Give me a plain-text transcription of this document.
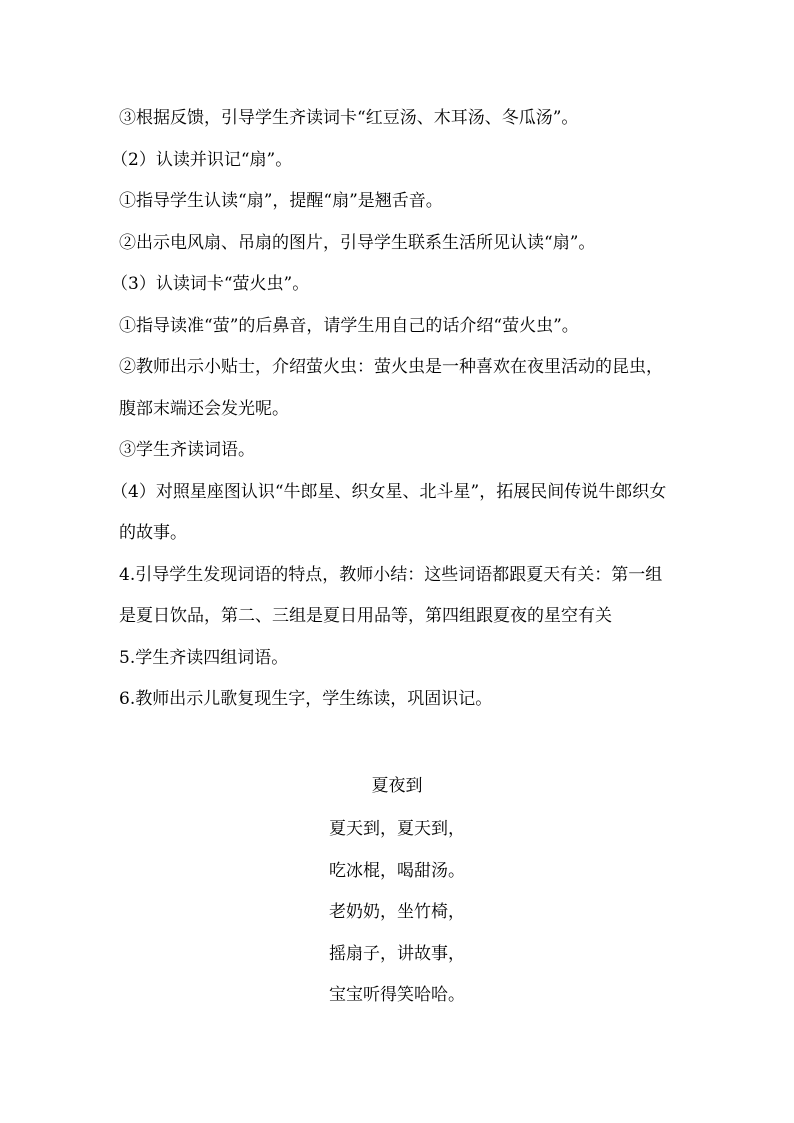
③根据反馈，引导学生齐读词卡“红豆汤、木耳汤、冬瓜汤”。

（2）认读并识记“扇”。

①指导学生认读“扇”，提醒“扇”是翘舌音。

②出示电风扇、吊扇的图片，引导学生联系生活所见认读“扇”。

（3）认读词卡“萤火虫”。

①指导读准“萤”的后鼻音，请学生用自己的话介绍“萤火虫”。

②教师出示小贴士，介绍萤火虫：萤火虫是一种喜欢在夜里活动的昆虫，腹部末端还会发光呢。

③学生齐读词语。

（4）对照星座图认识“牛郎星、织女星、北斗星”，拓展民间传说牛郎织女的故事。

4.引导学生发现词语的特点，教师小结：这些词语都跟夏天有关：第一组是夏日饮品，第二、三组是夏日用品等，第四组跟夏夜的星空有关

5.学生齐读四组词语。

6.教师出示儿歌复现生字，学生练读，巩固识记。

夏夜到

夏天到，夏天到，

吃冰棍，喝甜汤。

老奶奶，坐竹椅，

摇扇子，讲故事，

宝宝听得笑哈哈。
